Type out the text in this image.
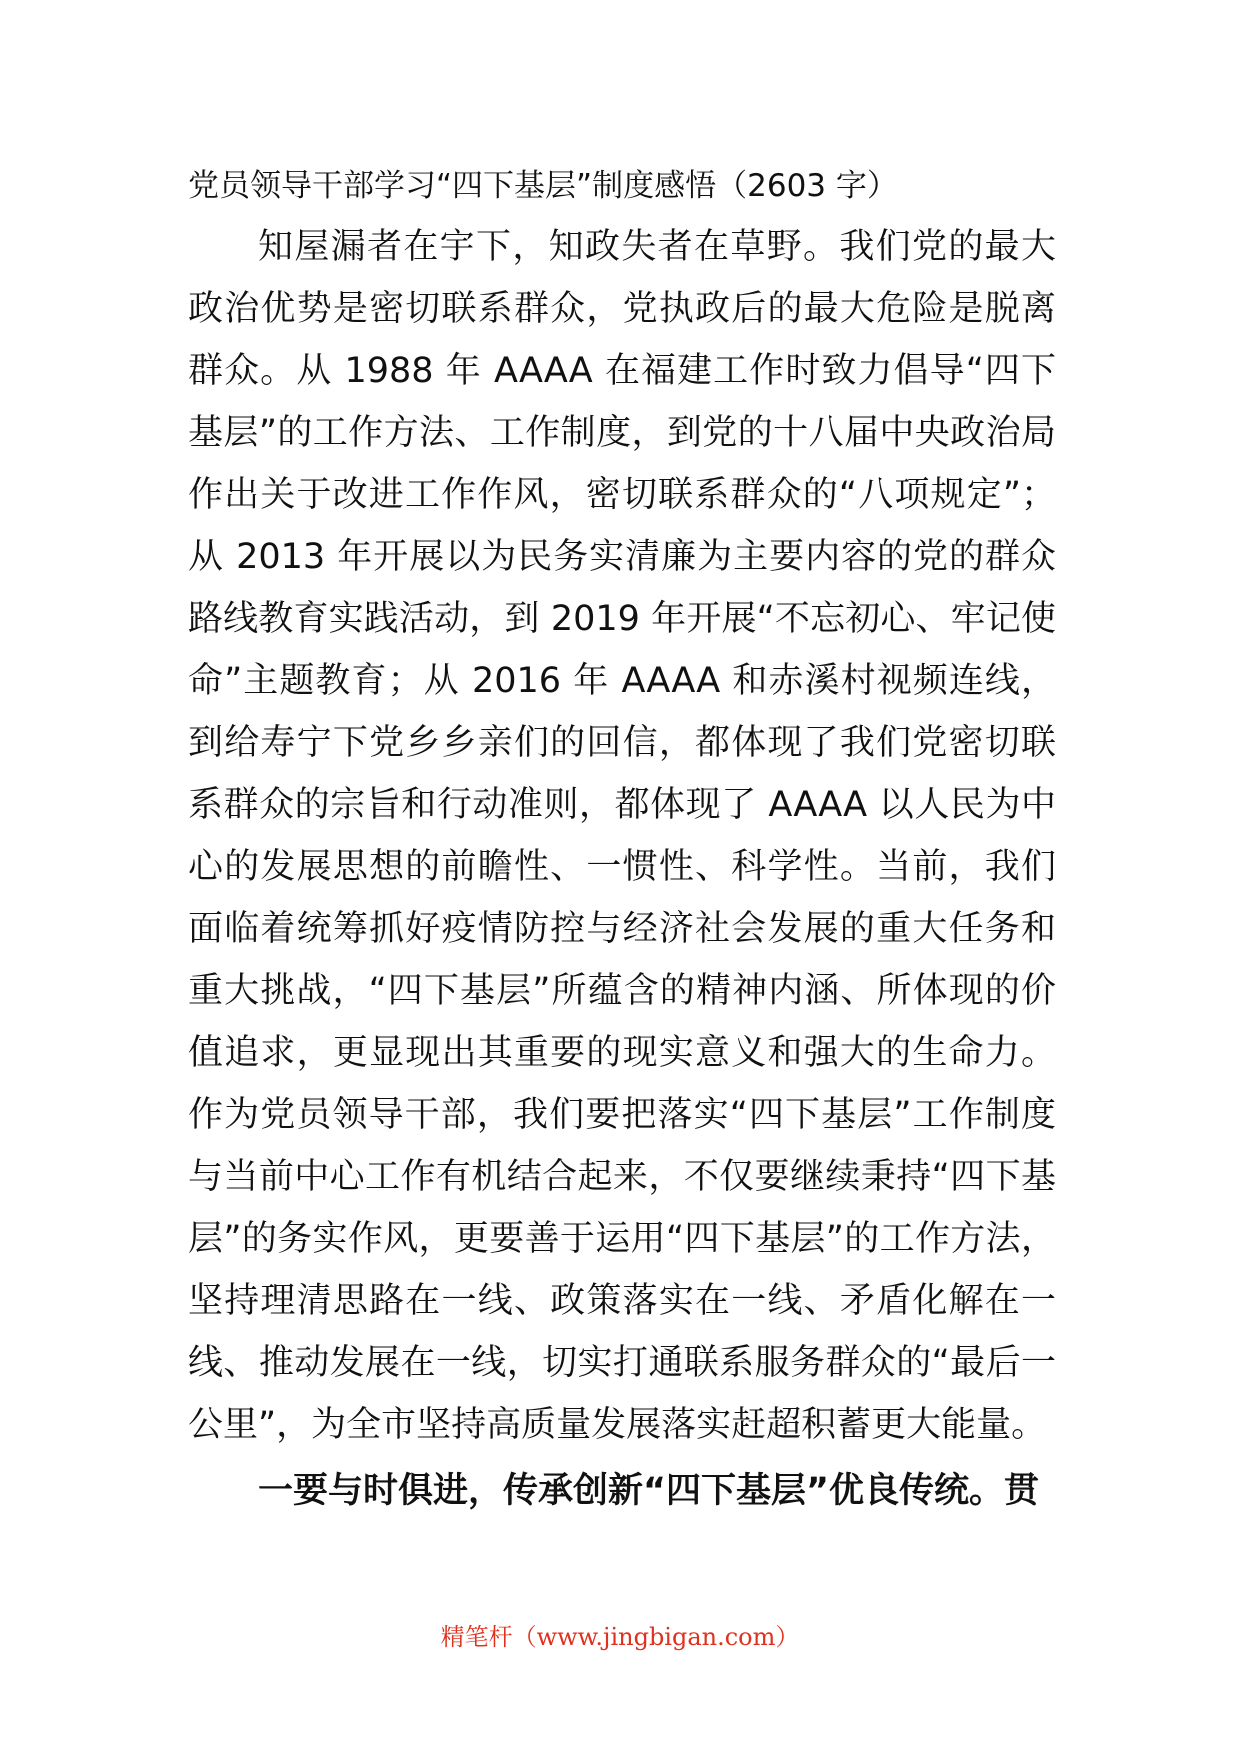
党员领导干部学习“四下基层”制度感悟（2603 字）

知屋漏者在宇下，知政失者在草野。我们党的最大政治优势是密切联系群众，党执政后的最大危险是脱离群众。从 1988 年 AAAA 在福建工作时致力倡导“四下基层”的工作方法、工作制度，到党的十八届中央政治局作出关于改进工作作风，密切联系群众的“八项规定”；从 2013 年开展以为民务实清廉为主要内容的党的群众路线教育实践活动，到 2019 年开展“不忘初心、牢记使命”主题教育；从 2016 年 AAAA 和赤溪村视频连线，到给寿宁下党乡乡亲们的回信，都体现了我们党密切联系群众的宗旨和行动准则，都体现了 AAAA 以人民为中心的发展思想的前瞻性、一惯性、科学性。当前，我们面临着统筹抓好疫情防控与经济社会发展的重大任务和重大挑战，“四下基层”所蕴含的精神内涵、所体现的价值追求，更显现出其重要的现实意义和强大的生命力。作为党员领导干部，我们要把落实“四下基层”工作制度与当前中心工作有机结合起来，不仅要继续秉持“四下基层”的务实作风，更要善于运用“四下基层”的工作方法，坚持理清思路在一线、政策落实在一线、矛盾化解在一线、推动发展在一线，切实打通联系服务群众的“最后一公里”，为全市坚持高质量发展落实赶超积蓄更大能量。

一要与时俱进，传承创新“四下基层”优良传统。贯

精笔杆（www.jingbigan.com）
